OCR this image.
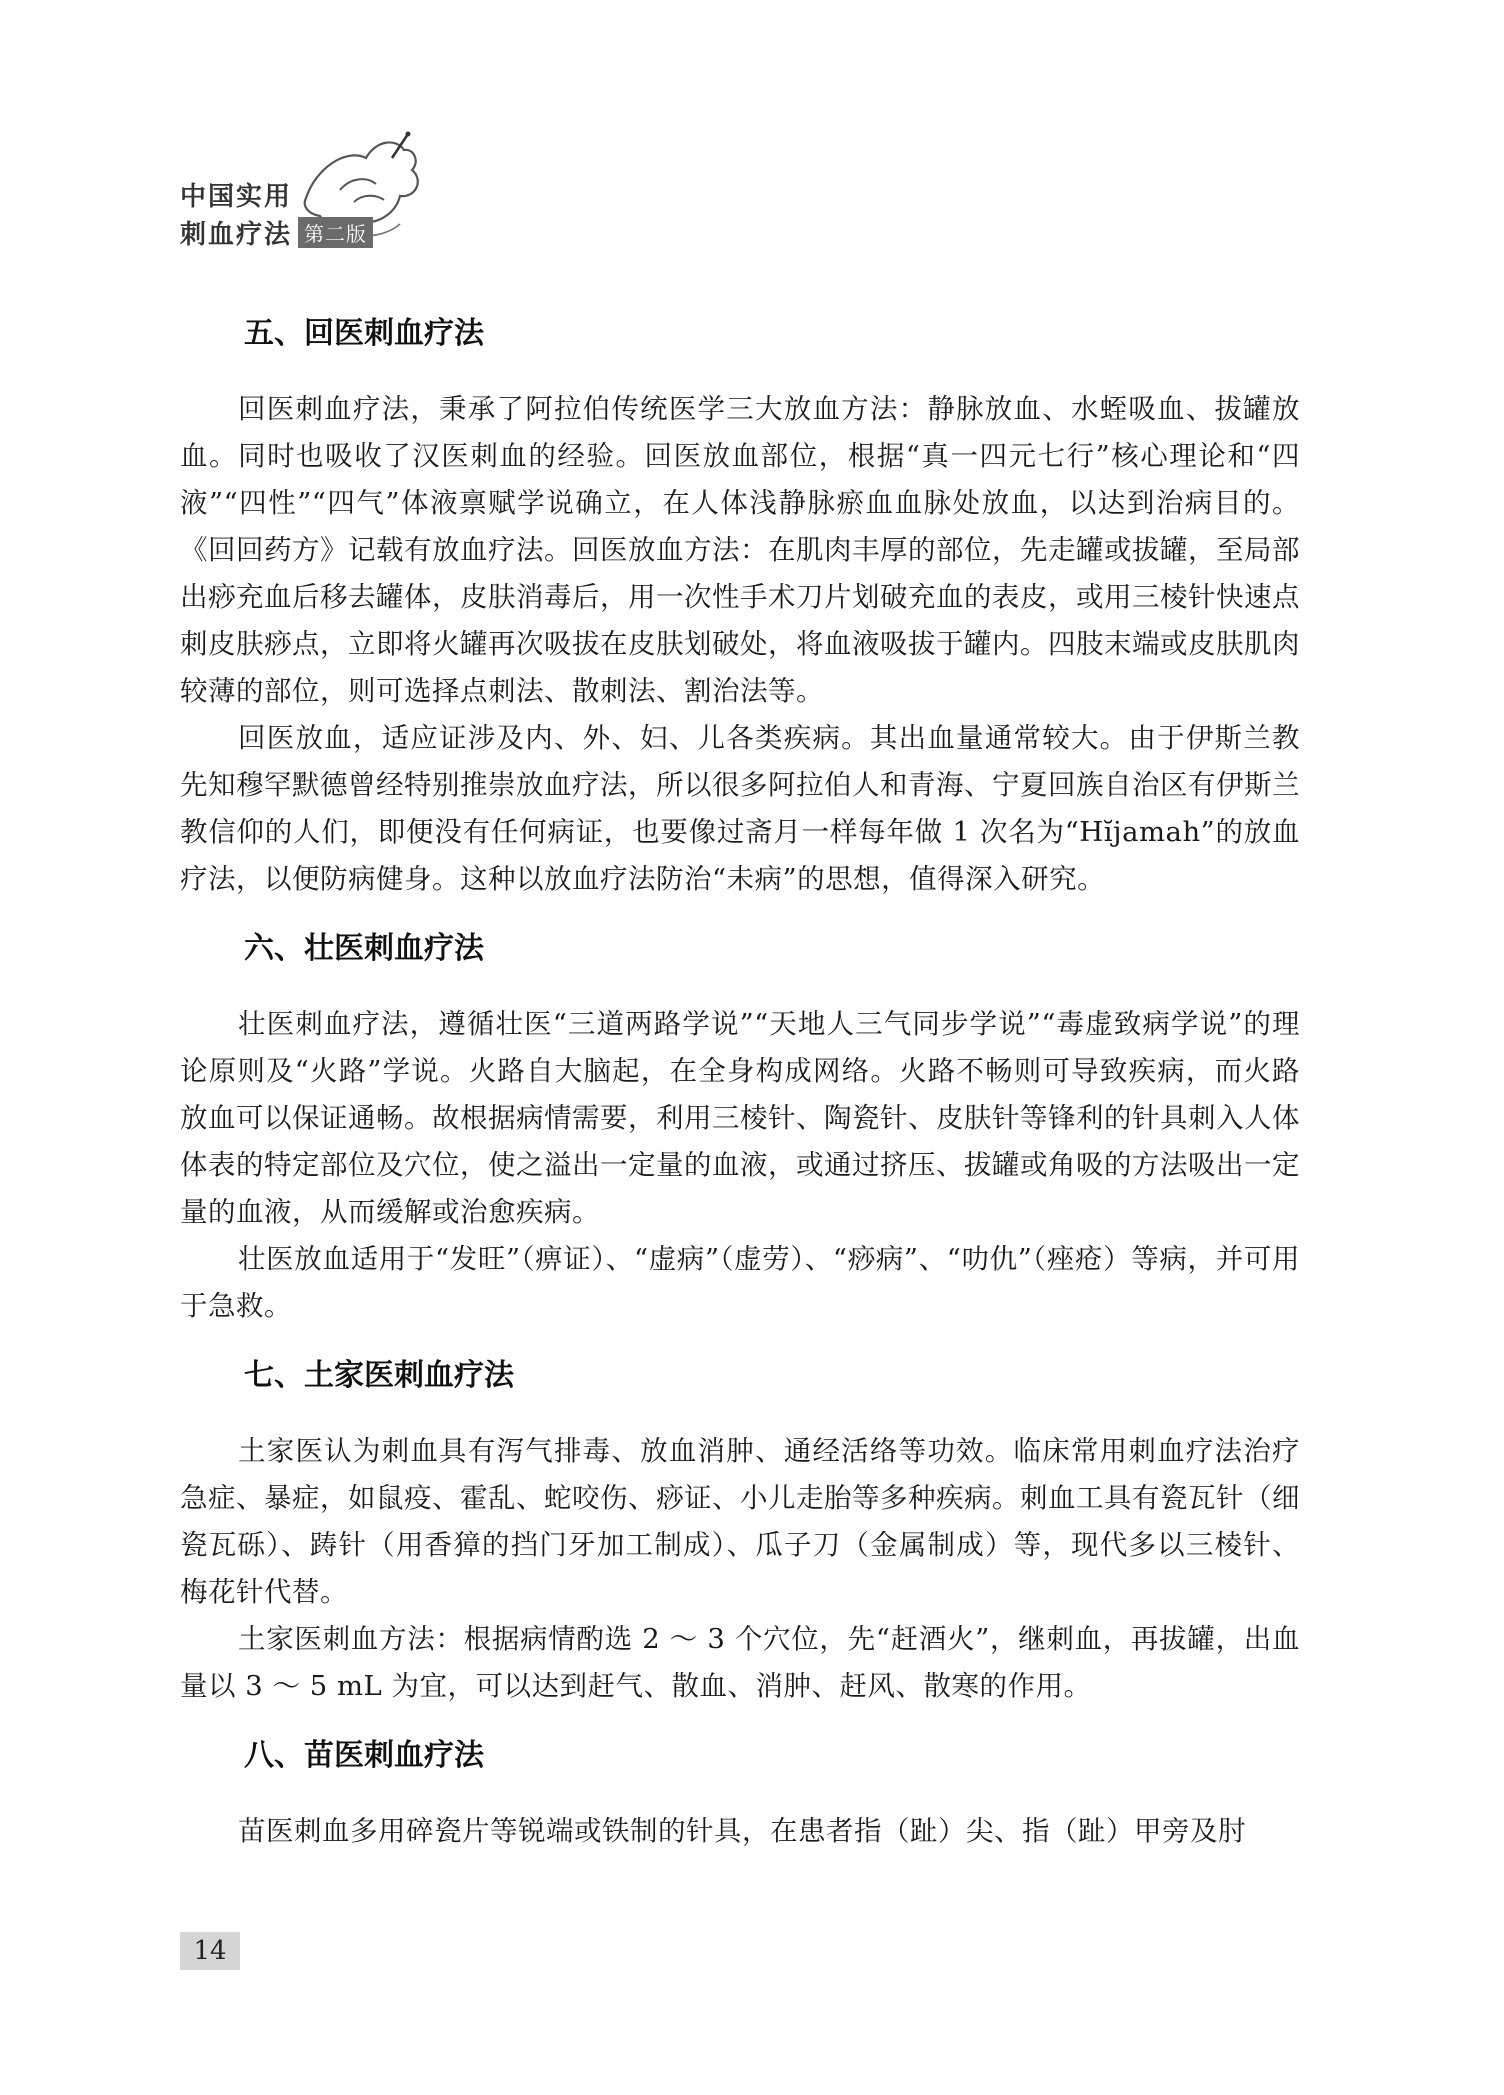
中国实用
刺血疗法 第二版
五、回医刺血疗法

回医刺血疗法，秉承了阿拉伯传统医学三大放血方法：静脉放血、水蛭吸血、拔罐放血。同时也吸收了汉医刺血的经验。回医放血部位，根据“真一四元七行”核心理论和“四液”“四性”“四气”体液禀赋学说确立，在人体浅静脉瘀血血脉处放血，以达到治病目的。《回回药方》记载有放血疗法。回医放血方法：在肌肉丰厚的部位，先走罐或拔罐，至局部出痧充血后移去罐体，皮肤消毒后，用一次性手术刀片划破充血的表皮，或用三棱针快速点刺皮肤痧点，立即将火罐再次吸拔在皮肤划破处，将血液吸拔于罐内。四肢末端或皮肤肌肉较薄的部位，则可选择点刺法、散刺法、割治法等。

回医放血，适应证涉及内、外、妇、儿各类疾病。其出血量通常较大。由于伊斯兰教先知穆罕默德曾经特别推崇放血疗法，所以很多阿拉伯人和青海、宁夏回族自治区有伊斯兰教信仰的人们，即便没有任何病证，也要像过斋月一样每年做 1 次名为“Hĭjamah”的放血疗法，以便防病健身。这种以放血疗法防治“未病”的思想，值得深入研究。

六、壮医刺血疗法

壮医刺血疗法，遵循壮医“三道两路学说”“天地人三气同步学说”“毒虚致病学说”的理论原则及“火路”学说。火路自大脑起，在全身构成网络。火路不畅则可导致疾病，而火路放血可以保证通畅。故根据病情需要，利用三棱针、陶瓷针、皮肤针等锋利的针具刺入人体体表的特定部位及穴位，使之溢出一定量的血液，或通过挤压、拔罐或角吸的方法吸出一定量的血液，从而缓解或治愈疾病。

壮医放血适用于“发旺”（痹证）、“虚病”（虚劳）、“痧病”、“叻仇”（痤疮）等病，并可用于急救。

七、土家医刺血疗法

土家医认为刺血具有泻气排毒、放血消肿、通经活络等功效。临床常用刺血疗法治疗急症、暴症，如鼠疫、霍乱、蛇咬伤、痧证、小儿走胎等多种疾病。刺血工具有瓷瓦针（细瓷瓦砾）、踌针（用香獐的挡门牙加工制成）、瓜子刀（金属制成）等，现代多以三棱针、梅花针代替。

土家医刺血方法：根据病情酌选 2 ～ 3 个穴位，先“赶酒火”，继刺血，再拔罐，出血量以 3 ～ 5 mL 为宜，可以达到赶气、散血、消肿、赶风、散寒的作用。

八、苗医刺血疗法

苗医刺血多用碎瓷片等锐端或铁制的针具，在患者指（趾）尖、指（趾）甲旁及肘

14
